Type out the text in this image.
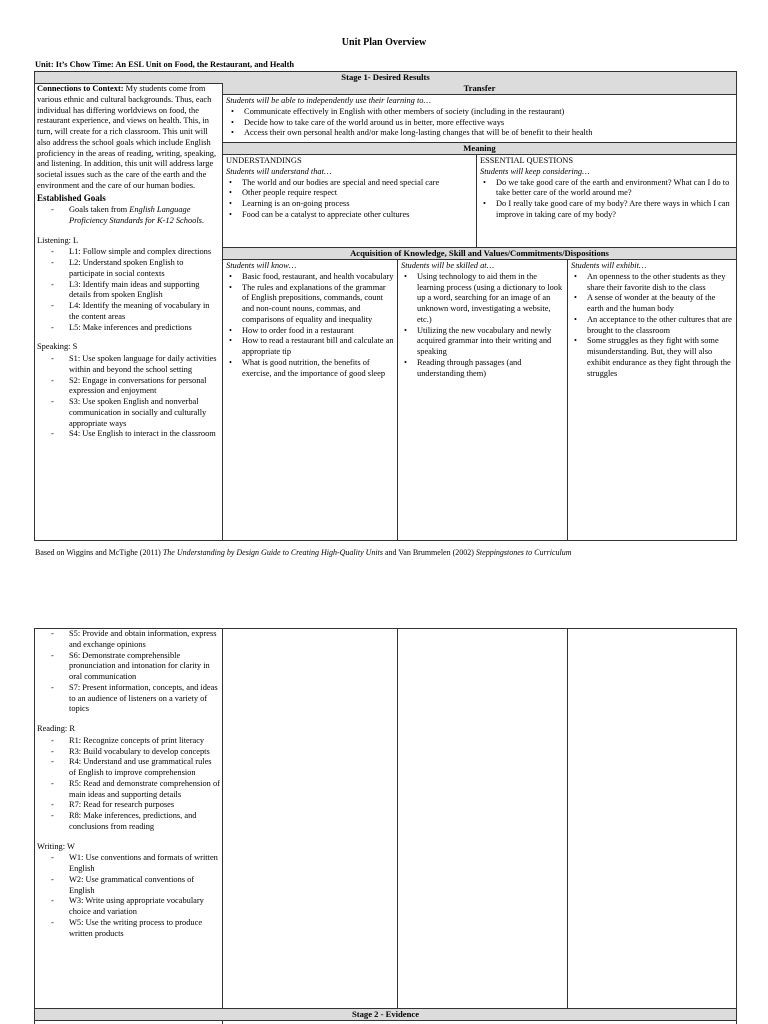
Unit Plan Overview
Unit: It’s Chow Time: An ESL Unit on Food, the Restaurant, and Health
Stage 1- Desired Results
Transfer
Meaning
Acquisition of Knowledge, Skill and Values/Commitments/Dispositions
Connections to Context: My students come from various ethnic and cultural backgrounds. Thus, each individual has differing worldviews on food, the restaurant experience, and views on health. This, in turn, will create for a rich classroom. This unit will also address the school goals which include English proficiency in the areas of reading, writing, speaking, and listening. In addition, this unit will address large societal issues such as the care of the earth and the environment and the care of our human bodies.
Established Goals
- Goals taken from English Language Proficiency Standards for K-12 Schools.
Listening: L
- L1: Follow simple and complex directions
- L2: Understand spoken English to participate in social contexts
- L3: Identify main ideas and supporting details from spoken English
- L4: Identify the meaning of vocabulary in the content areas
- L5: Make inferences and predictions
Speaking: S
- S1: Use spoken language for daily activities within and beyond the school setting
- S2: Engage in conversations for personal expression and enjoyment
- S3: Use spoken English and nonverbal communication in socially and culturally appropriate ways
- S4: Use English to interact in the classroom
Students will be able to independently use their learning to…
• Communicate effectively in English with other members of society (including in the restaurant)
• Decide how to take care of the world around us in better, more effective ways
• Access their own personal health and/or make long-lasting changes that will be of benefit to their health
UNDERSTANDINGS
Students will understand that…
• The world and our bodies are special and need special care
• Other people require respect
• Learning is an on-going process
• Food can be a catalyst to appreciate other cultures
ESSENTIAL QUESTIONS
Students will keep considering…
• Do we take good care of the earth and environment? What can I do to take better care of the world around me?
• Do I really take good care of my body? Are there ways in which I can improve in taking care of my body?
Students will know…
• Basic food, restaurant, and health vocabulary
• The rules and explanations of the grammar of English prepositions, commands, count and non-count nouns, commas, and comparisons of equality and inequality
• How to order food in a restaurant
• How to read a restaurant bill and calculate an appropriate tip
• What is good nutrition, the benefits of exercise, and the importance of good sleep
Students will be skilled at…
• Using technology to aid them in the learning process (using a dictionary to look up a word, searching for an image of an unknown word, investigating a website, etc.)
• Utilizing the new vocabulary and newly acquired grammar into their writing and speaking
• Reading through passages (and understanding them)
Students will exhibit…
• An openness to the other students as they share their favorite dish to the class
• A sense of wonder at the beauty of the earth and the human body
• An acceptance to the other cultures that are brought to the classroom
• Some struggles as they fight with some misunderstanding. But, they will also exhibit endurance as they fight through the struggles
Based on Wiggins and McTighe (2011) The Understanding by Design Guide to Creating High-Quality Units and Van Brummelen (2002) Steppingstones to Curriculum
Stage 2 - Evidence
- S5: Provide and obtain information, express and exchange opinions
- S6: Demonstrate comprehensible pronunciation and intonation for clarity in oral communication
- S7: Present information, concepts, and ideas to an audience of listeners on a variety of topics
Reading: R
- R1: Recognize concepts of print literacy
- R3: Build vocabulary to develop concepts
- R4: Understand and use grammatical rules of English to improve comprehension
- R5: Read and demonstrate comprehension of main ideas and supporting details
- R7: Read for research purposes
- R8: Make inferences, predictions, and conclusions from reading
Writing: W
- W1: Use conventions and formats of written English
- W2: Use grammatical conventions of English
- W3: Write using appropriate vocabulary choice and variation
- W5: Use the writing process to produce written products
